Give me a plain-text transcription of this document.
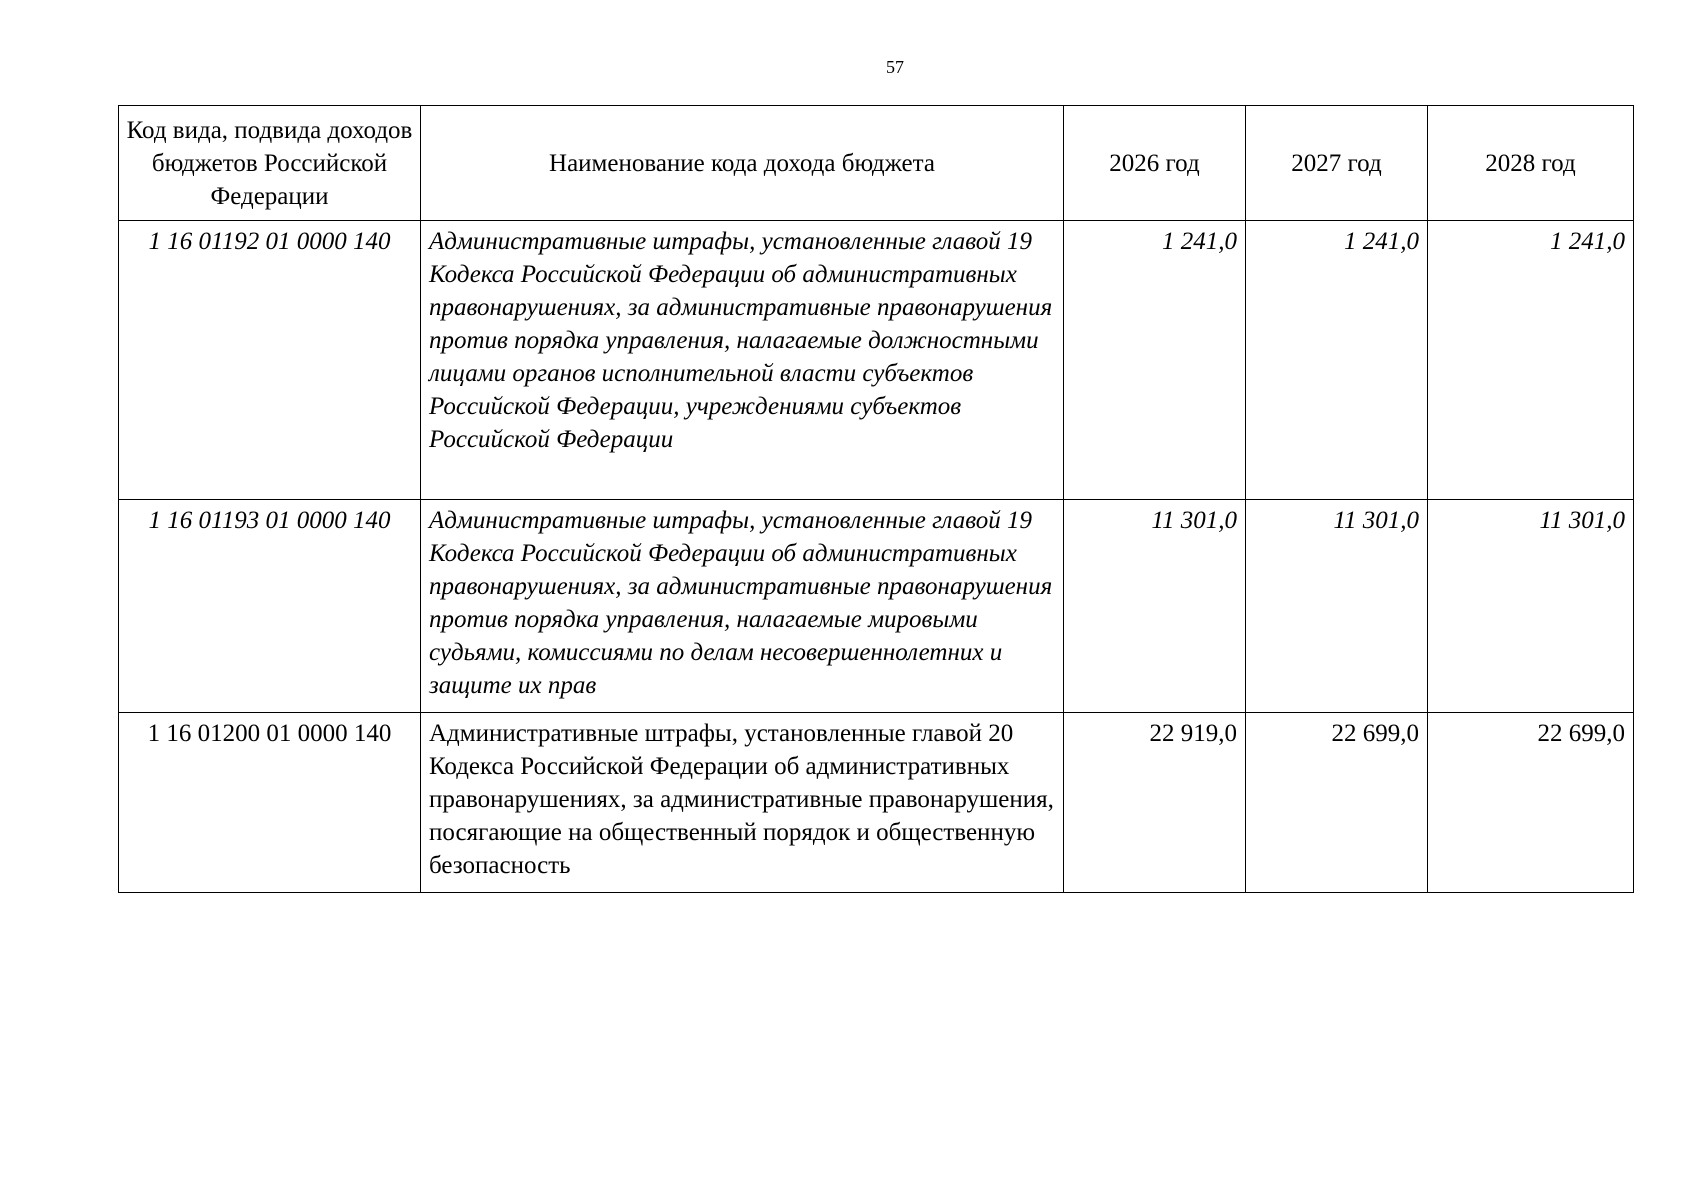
57
Код вида, подвида доходов бюджетов Российской Федерации	Наименование кода дохода бюджета	2026 год	2027 год	2028 год
1 16 01192 01 0000 140	Административные штрафы, установленные главой 19 Кодекса Российской Федерации об административных правонарушениях, за административные правонарушения против порядка управления, налагаемые должностными лицами органов исполнительной власти субъектов Российской Федерации, учреждениями субъектов Российской Федерации	1 241,0	1 241,0	1 241,0
1 16 01193 01 0000 140	Административные штрафы, установленные главой 19 Кодекса Российской Федерации об административных правонарушениях, за административные правонарушения против порядка управления, налагаемые мировыми судьями, комиссиями по делам несовершеннолетних и защите их прав	11 301,0	11 301,0	11 301,0
1 16 01200 01 0000 140	Административные штрафы, установленные главой 20 Кодекса Российской Федерации об административных правонарушениях, за административные правонарушения, посягающие на общественный порядок и общественную безопасность	22 919,0	22 699,0	22 699,0
